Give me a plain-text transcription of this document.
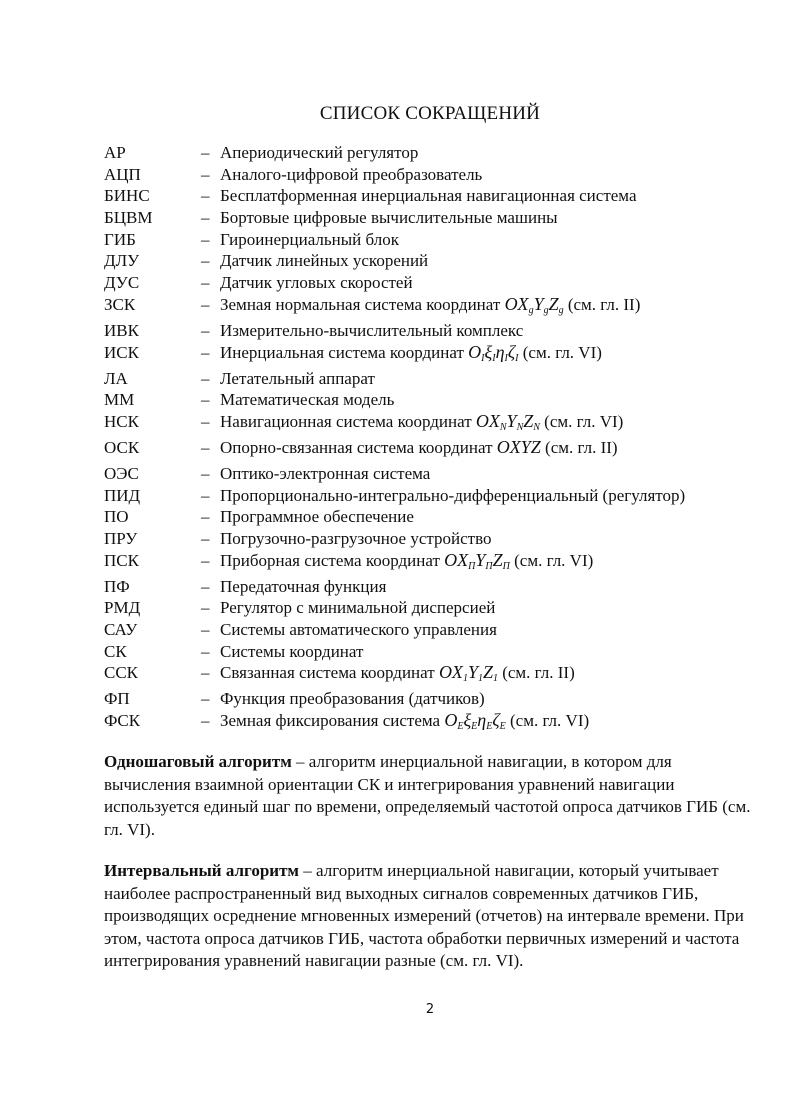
СПИСОК СОКРАЩЕНИЙ
АР	– Апериодический регулятор
АЦП	– Аналого-цифровой преобразователь
БИНС	– Бесплатформенная инерциальная навигационная система
БЦВМ	– Бортовые цифровые вычислительные машины
ГИБ	– Гироинерциальный блок
ДЛУ	– Датчик линейных ускорений
ДУС	– Датчик угловых скоростей
ЗСК	– Земная нормальная система координат $OX_gY_gZ_g$ (см. гл. II)
ИВК	– Измерительно-вычислительный комплекс
ИСК	– Инерциальная система координат $O_I\xi_I\eta_I\zeta_I$ (см. гл. VI)
ЛА	– Летательный аппарат
ММ	– Математическая модель
НСК	– Навигационная система координат $OX_NY_NZ_N$ (см. гл. VI)
ОСК	– Опорно-связанная система координат OXYZ (см. гл. II)
ОЭС	– Оптико-электронная система
ПИД	– Пропорционально-интегрально-дифференциальный (регулятор)
ПО	– Программное обеспечение
ПРУ	– Погрузочно-разгрузочное устройство
ПСК	– Приборная система координат $OX_ПY_ПZ_П$ (см. гл. VI)
ПФ	– Передаточная функция
РМД	– Регулятор с минимальной дисперсией
САУ	– Системы автоматического управления
СК	– Системы координат
ССК	– Связанная система координат $OX_1Y_1Z_1$ (см. гл. II)
ФП	– Функция преобразования (датчиков)
ФСК	– Земная фиксирования система $O_E\xi_E\eta_E\zeta_E$ (см. гл. VI)
Одношаговый алгоритм – алгоритм инерциальной навигации, в котором для вычисления взаимной ориентации СК и интегрирования уравнений навигации используется единый шаг по времени, определяемый частотой опроса датчиков ГИБ (см. гл. VI).
Интервальный алгоритм – алгоритм инерциальной навигации, который учитывает наиболее распространенный вид выходных сигналов современных датчиков ГИБ, производящих осреднение мгновенных измерений (отчетов) на интервале времени. При этом, частота опроса датчиков ГИБ, частота обработки первичных измерений и частота интегрирования уравнений навигации разные (см. гл. VI).
2
